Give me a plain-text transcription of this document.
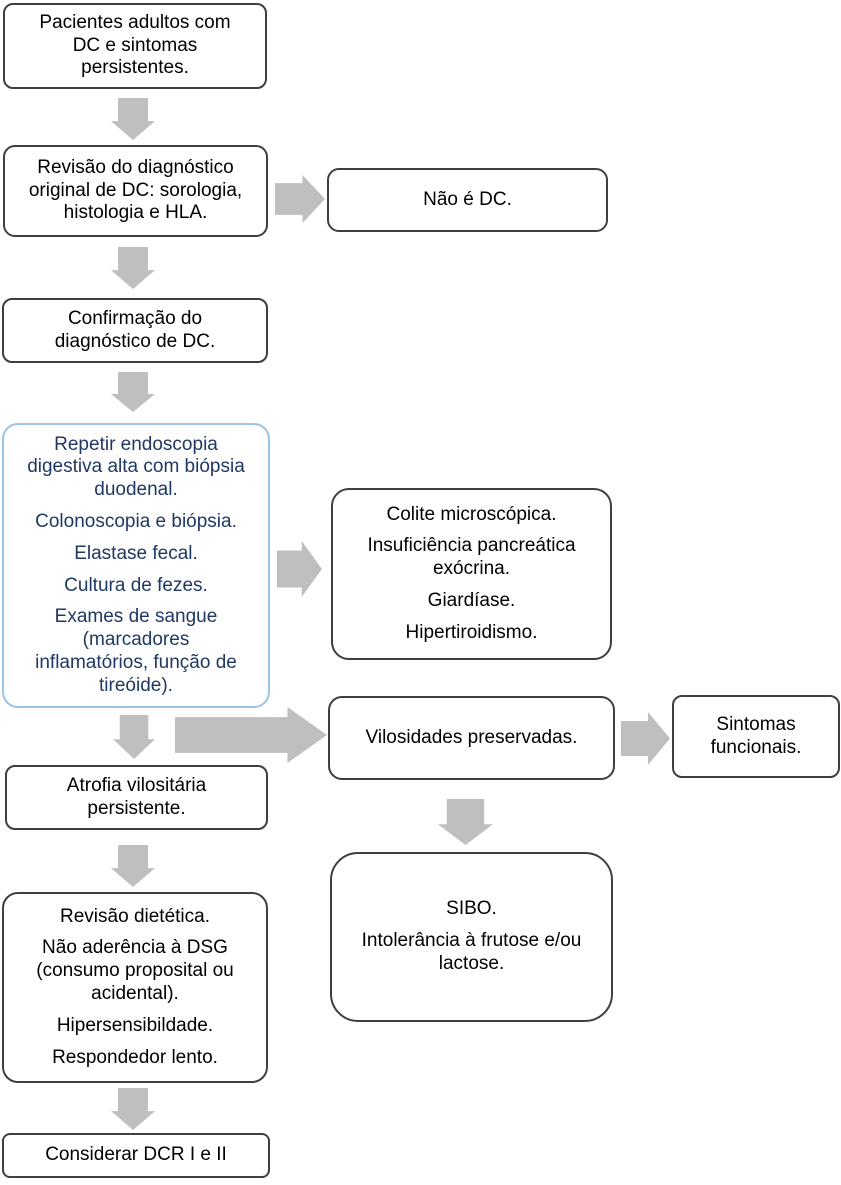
Pacientes adultos com DC e sintomas persistentes.

Revisão do diagnóstico original de DC: sorologia, histologia e HLA.

Não é DC.

Confirmação do diagnóstico de DC.

Repetir endoscopia digestiva alta com biópsia duodenal.

Colonoscopia e biópsia.

Elastase fecal.

Cultura de fezes.

Exames de sangue (marcadores inflamatórios, função de tireóide).

Colite microscópica.

Insuficiência pancreática exócrina.

Giardíase.

Hipertiroidismo.

Vilosidades preservadas.

Sintomas funcionais.

SIBO.

Intolerância à frutose e/ou lactose.

Atrofia vilositária persistente.

Revisão dietética.

Não aderência à DSG (consumo proposital ou acidental).

Hipersensibildade.

Respondedor lento.

Considerar DCR I e II
